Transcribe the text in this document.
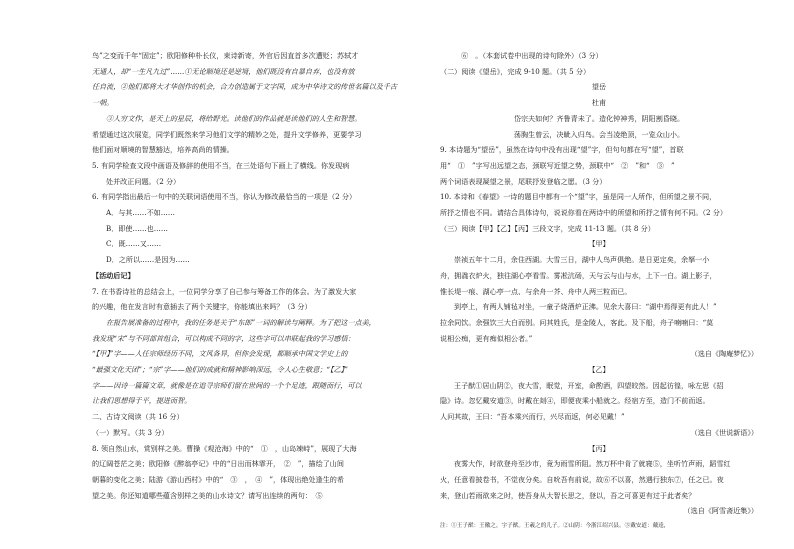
鸟”之变而千年“固定”；欧阳修种朴长仪，束诗新寄，外官后因直首多次遭贬；苏轼才
无通人，却“一生凡九过”……①无论顺境还是逆境，他们既没有自暴自弃，也没有放
任自流，②他们都将大才华创作的机会，合力创造属于文字国，成为中华诗文的传世名篇以及千古
一朝。
③人穷文作，是天上的星辰，将给野光。读他们的作品就是读他们的人生和智慧。
希望通过这次展览，同学们既然来学习他们文学的精妙之处，提升文学修养，更要学习
他们面对顺境的智慧豁达，培养高尚的情操。
5. 有同学检查文段中画语及修辞的使用不当，在三处语句下画上了横线。你发现病
处并改正问题。（2 分）
6. 有同学指出最后一句中的关联词语使用不当，你认为修改最恰当的一项是（2 分）
A．与其……不如……
B．即使……也……
C．既……又……
D．之所以……是因为……
【活动后记】
7. 在书香诗社的总结会上，一位同学分享了自己参与筹备工作的体会。为了激发大家
的兴趣，他在发言时有意插去了两个关键字，你能填出来吗？（3 分）
在报告展准备的过程中，我的任务是关于“东郎”一词的解读与阐释。为了把这一点美，
我发现“宋”与不同部首组合，可以构成不同的字，这些字可以串联起我的学习感悟：
“【甲】”字——人任宗师经历不同，文风各异，但你会发现，都顺承中国文学史上的
“最强文化天团”；“宗”字——他们的成就和精神影响深远，令人心生敬意；“【乙】”
字——因诗一篇篇文章，就像是在追寻宗师们留在世间的一个个足迹，跟随而行，可以
让我们思想得于平，提进而智。
二、古诗文阅读（共 16 分）
（一）默写。（共 3 分）
8. 领自然山水，赏别样之美。曹操《观沧海》中的“　①　，山岛竦峙”，展现了大海
的辽阔苍茫之美；欧阳修《醉翁亭记》中的“日出而林霏开，　②　”，描绘了山间
朝暮的变化之美；陆游《游山西村》中的“　③　，　④　”，体现出绝处逢生的希
望之美。你还知道哪些蕴含别样之美的山水诗文？请写出连续的两句：　⑤　
　⑥　。（本套试卷中出现的诗句除外）（3 分）
（二）阅读《望岳》，完成 9-10 题。（共 5 分）
望岳
杜甫
岱宗夫如何？齐鲁青未了。造化钟神秀，阴阳割昏晓。
荡胸生曾云，决眦入归鸟。会当凌绝顶，一览众山小。
9. 本诗题为“望岳”，虽然在诗句中没有出现“望”字，但句句都在写“望”，首联
用“　①　”字写出远望之态，颈联写近望之势，颈联中“　②　”和“　③　”
两个词语表现凝望之景，尾联抒发登临之愿。（3 分）
10. 本诗和《春望》一诗的题目中都有一个“望”字，虽是同一人所作，但所望之景不同，
所抒之情也不同。请结合具体诗句，说说你看在两诗中的所望和所抒之情有何不同。（2 分）
（三）阅读【甲】【乙】【丙】三段文字，完成 11-13 题。（共 8 分）
【甲】
崇祯五年十二月，余住西湖。大雪三日，湖中人鸟声俱绝。是日更定矣，余拏一小
舟，拥毳衣炉火，独往湖心亭看雪。雾凇沆砀，天与云与山与水，上下一白。湖上影子，
惟长堤一痕、湖心亭一点、与余舟一芥、舟中人两三粒而已。
到亭上，有两人铺毡对坐，一童子烧酒炉正沸。见余大喜曰：“湖中焉得更有此人！”
拉余同饮。余强饮三大白而别。问其姓氏，是金陵人，客此。及下船，舟子喃喃曰：“莫
说相公痴，更有痴似相公者。”
（选自《陶庵梦忆》）
【乙】
王子猷①居山阴②，夜大雪，眠觉，开室，命酌酒，四望皎然。因起彷徨，咏左思《招
隐》诗。忽忆戴安道③，时戴在剡④，即便夜乘小船就之。经宿方至，造门不前而返。
人问其故，王曰：“吾本乘兴而行，兴尽而返，何必见戴！”
（选自《世说新语》）
【丙】
夜雾大作，时欲登舟至沙市，竟为雨雪所阻。然万杯中肯了就寝⑤，坐听竹声雨，蹈雪红
火，任意看披卷书，不觉夜分矣。自吮吾有前说，故⑥不以喜，然遇行独东⑦，任之已。夜
来，登山若雨欲来之时，使吾身从大智长思之，登以，吾之可喜更有过于此者矣？
（选自《阿雪斋近集》）
注：①王子猷：王徽之，字子猷。王羲之的儿子。②山阴：今浙江绍兴县。③戴安道：戴逵，
